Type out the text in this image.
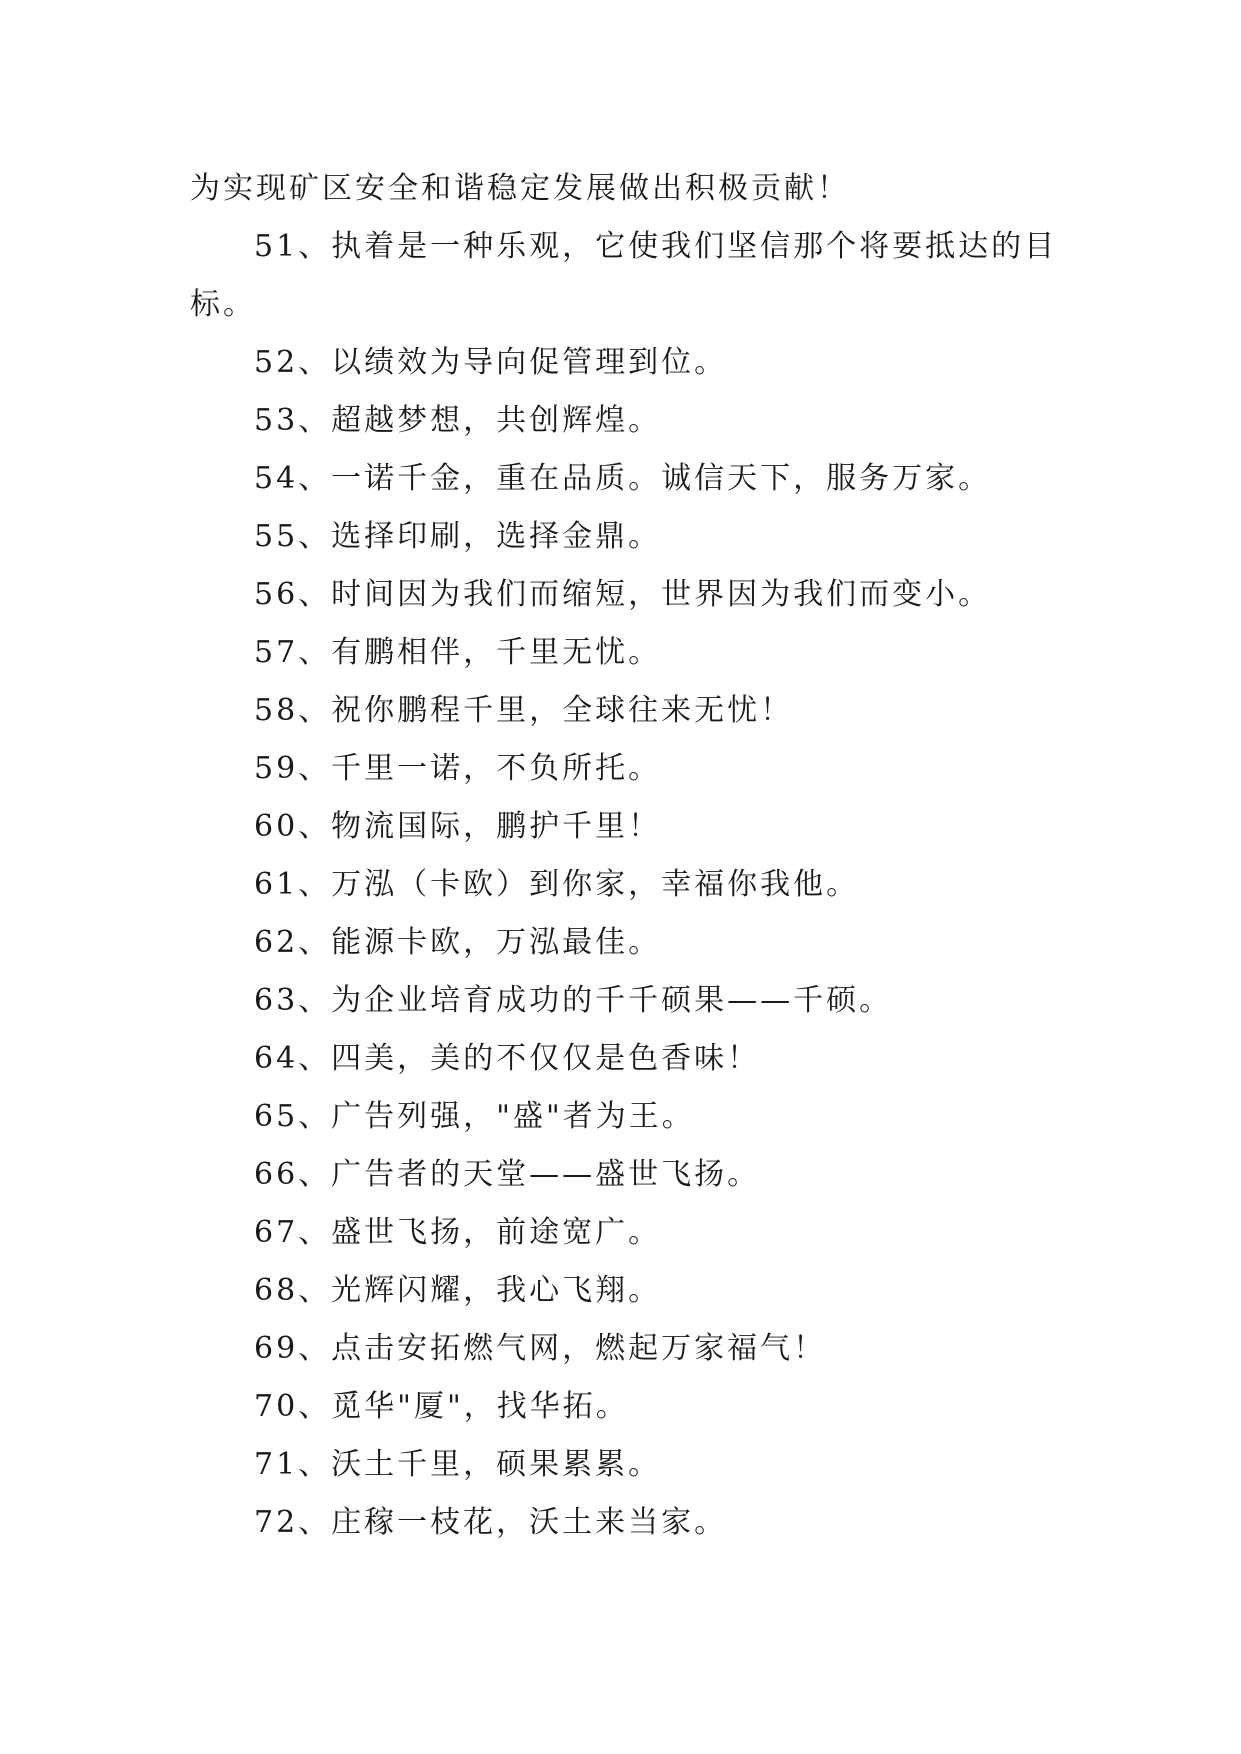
为实现矿区安全和谐稳定发展做出积极贡献！

51、执着是一种乐观，它使我们坚信那个将要抵达的目标。

52、以绩效为导向促管理到位。

53、超越梦想，共创辉煌。

54、一诺千金，重在品质。诚信天下，服务万家。

55、选择印刷，选择金鼎。

56、时间因为我们而缩短，世界因为我们而变小。

57、有鹏相伴，千里无忧。

58、祝你鹏程千里，全球往来无忧！

59、千里一诺，不负所托。

60、物流国际，鹏护千里！

61、万泓（卡欧）到你家，幸福你我他。

62、能源卡欧，万泓最佳。

63、为企业培育成功的千千硕果——千硕。

64、四美，美的不仅仅是色香味！

65、广告列强，"盛"者为王。

66、广告者的天堂——盛世飞扬。

67、盛世飞扬，前途宽广。

68、光辉闪耀，我心飞翔。

69、点击安拓燃气网，燃起万家福气！

70、觅华"厦"，找华拓。

71、沃土千里，硕果累累。

72、庄稼一枝花，沃土来当家。
